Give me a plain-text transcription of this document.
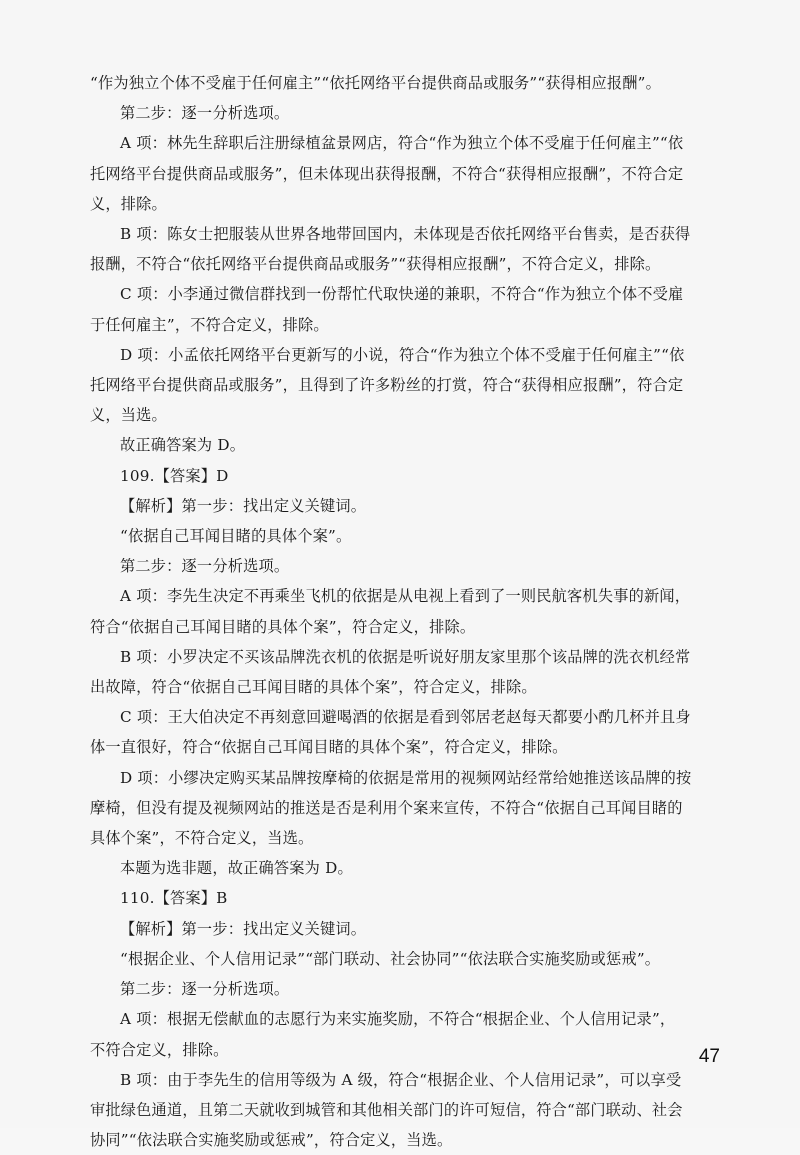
“作为独立个体不受雇于任何雇主”“依托网络平台提供商品或服务”“获得相应报酬”。
第二步：逐一分析选项。
A 项：林先生辞职后注册绿植盆景网店，符合“作为独立个体不受雇于任何雇主”“依
托网络平台提供商品或服务”，但未体现出获得报酬，不符合“获得相应报酬”，不符合定
义，排除。
B 项：陈女士把服装从世界各地带回国内，未体现是否依托网络平台售卖，是否获得
报酬，不符合“依托网络平台提供商品或服务”“获得相应报酬”，不符合定义，排除。
C 项：小李通过微信群找到一份帮忙代取快递的兼职，不符合“作为独立个体不受雇
于任何雇主”，不符合定义，排除。
D 项：小孟依托网络平台更新写的小说，符合“作为独立个体不受雇于任何雇主”“依
托网络平台提供商品或服务”，且得到了许多粉丝的打赏，符合“获得相应报酬”，符合定
义，当选。
故正确答案为 D。
109.【答案】D
【解析】第一步：找出定义关键词。
“依据自己耳闻目睹的具体个案”。
第二步：逐一分析选项。
A 项：李先生决定不再乘坐飞机的依据是从电视上看到了一则民航客机失事的新闻，
符合“依据自己耳闻目睹的具体个案”，符合定义，排除。
B 项：小罗决定不买该品牌洗衣机的依据是听说好朋友家里那个该品牌的洗衣机经常
出故障，符合“依据自己耳闻目睹的具体个案”，符合定义，排除。
C 项：王大伯决定不再刻意回避喝酒的依据是看到邻居老赵每天都要小酌几杯并且身
体一直很好，符合“依据自己耳闻目睹的具体个案”，符合定义，排除。
D 项：小缪决定购买某品牌按摩椅的依据是常用的视频网站经常给她推送该品牌的按
摩椅，但没有提及视频网站的推送是否是利用个案来宣传，不符合“依据自己耳闻目睹的
具体个案”，不符合定义，当选。
本题为选非题，故正确答案为 D。
110.【答案】B
【解析】第一步：找出定义关键词。
“根据企业、个人信用记录”“部门联动、社会协同”“依法联合实施奖励或惩戒”。
第二步：逐一分析选项。
A 项：根据无偿献血的志愿行为来实施奖励，不符合“根据企业、个人信用记录”，
不符合定义，排除。
B 项：由于李先生的信用等级为 A 级，符合“根据企业、个人信用记录”，可以享受
审批绿色通道，且第二天就收到城管和其他相关部门的许可短信，符合“部门联动、社会
协同”“依法联合实施奖励或惩戒”，符合定义，当选。
47
